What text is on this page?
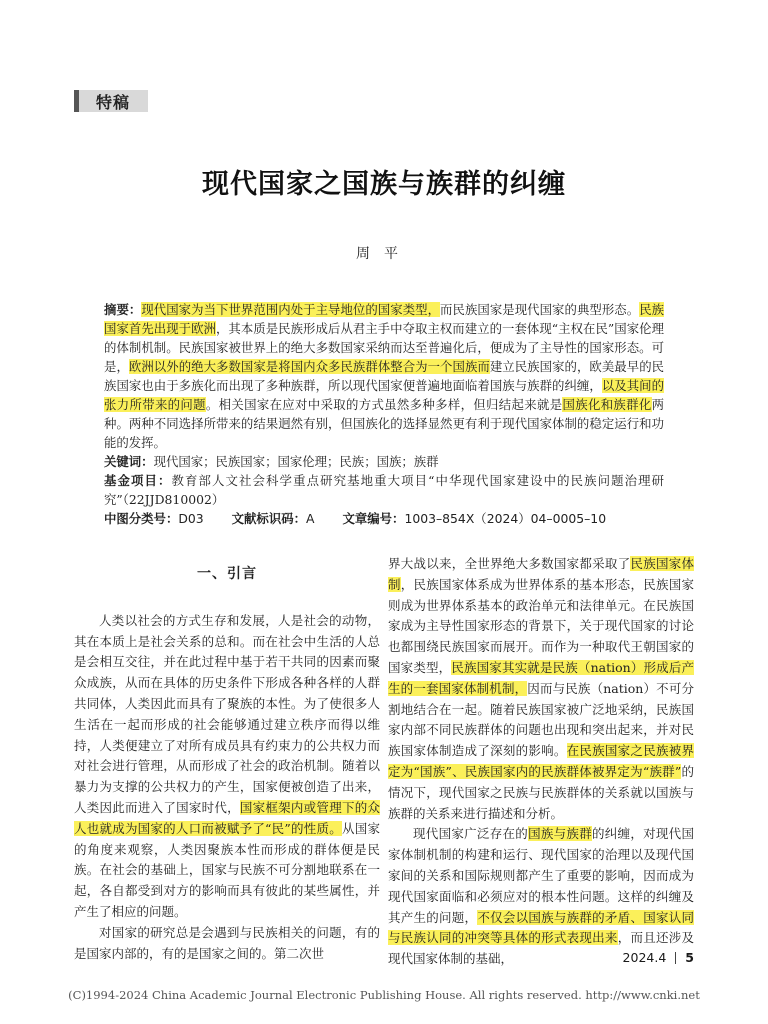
特稿
现代国家之国族与族群的纠缠
周平

摘要：现代国家为当下世界范围内处于主导地位的国家类型，而民族国家是现代国家的典型形态。民族国家首先出现于欧洲，其本质是民族形成后从君主手中夺取主权而建立的一套体现“主权在民”国家伦理的体制机制。民族国家被世界上的绝大多数国家采纳而达至普遍化后，便成为了主导性的国家形态。可是，欧洲以外的绝大多数国家是将国内众多民族群体整合为一个国族而建立民族国家的，欧美最早的民族国家也由于多族化而出现了多种族群，所以现代国家便普遍地面临着国族与族群的纠缠，以及其间的张力所带来的问题。相关国家在应对中采取的方式虽然多种多样，但归结起来就是国族化和族群化两种。两种不同选择所带来的结果迥然有别，但国族化的选择显然更有利于现代国家体制的稳定运行和功能的发挥。

关键词：现代国家；民族国家；国家伦理；民族；国族；族群

基金项目：教育部人文社会科学重点研究基地重大项目“中华现代国家建设中的民族问题治理研究”（22JJD810002）

中图分类号：D03 文献标识码：A 文章编号：1003–854X（2024）04–0005–10

一、引言

人类以社会的方式生存和发展，人是社会的动物，其在本质上是社会关系的总和。而在社会中生活的人总是会相互交往，并在此过程中基于若干共同的因素而聚众成族，从而在具体的历史条件下形成各种各样的人群共同体，人类因此而具有了聚族的本性。为了使很多人生活在一起而形成的社会能够通过建立秩序而得以维持，人类便建立了对所有成员具有约束力的公共权力而对社会进行管理，从而形成了社会的政治机制。随着以暴力为支撑的公共权力的产生，国家便被创造了出来，人类因此而进入了国家时代，国家框架内或管理下的众人也就成为国家的人口而被赋予了“民”的性质。从国家的角度来观察，人类因聚族本性而形成的群体便是民族。在社会的基础上，国家与民族不可分割地联系在一起，各自都受到对方的影响而具有彼此的某些属性，并产生了相应的问题。

对国家的研究总是会遇到与民族相关的问题，有的是国家内部的，有的是国家之间的。第二次世

界大战以来，全世界绝大多数国家都采取了民族国家体制，民族国家体系成为世界体系的基本形态，民族国家则成为世界体系基本的政治单元和法律单元。在民族国家成为主导性国家形态的背景下，关于现代国家的讨论也都围绕民族国家而展开。而作为一种取代王朝国家的国家类型，民族国家其实就是民族（nation）形成后产生的一套国家体制机制，因而与民族（nation）不可分割地结合在一起。随着民族国家被广泛地采纳，民族国家内部不同民族群体的问题也出现和突出起来，并对民族国家体制造成了深刻的影响。在民族国家之民族被界定为“国族”、民族国家内的民族群体被界定为“族群”的情况下，现代国家之民族与民族群体的关系就以国族与族群的关系来进行描述和分析。

现代国家广泛存在的国族与族群的纠缠，对现代国家体制机制的构建和运行、现代国家的治理以及现代国家间的关系和国际规则都产生了重要的影响，因而成为现代国家面临和必须应对的根本性问题。这样的纠缠及其产生的问题，不仅会以国族与族群的矛盾、国家认同与民族认同的冲突等具体的形式表现出来，而且还涉及现代国家体制的基础，	2024.4 5
(C)1994-2024 China Academic Journal Electronic Publishing House. All rights reserved. http://www.cnki.net
